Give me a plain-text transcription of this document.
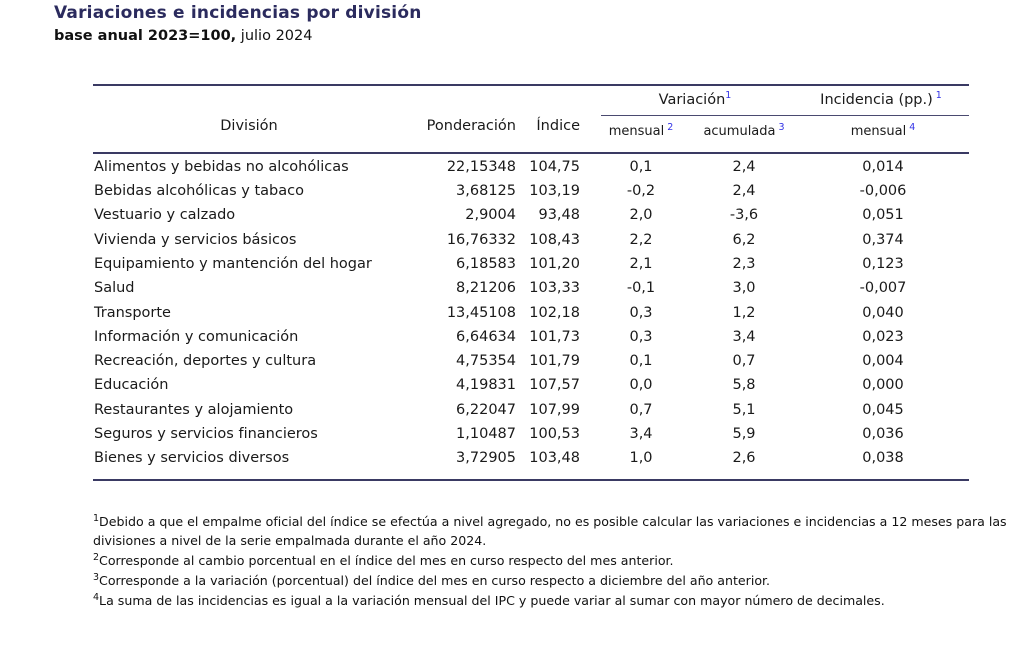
Variaciones e incidencias por división
base anual 2023=100, julio 2024
Variación$^1$	Incidencia (pp.) $^1$
División	Ponderación	Índice	mensual $^2$	acumulada $^3$	mensual $^4$
Alimentos y bebidas no alcohólicas	22,15348 104,75	0,1	2,4	0,014
Bebidas alcohólicas y tabaco	3,68125 103,19	-0,2	2,4	-0,006
Vestuario y calzado	2,9004	93,48	2,0	-3,6	0,051
Vivienda y servicios básicos	16,76332 108,43	2,2	6,2	0,374
Equipamiento y mantención del hogar	6,18583 101,20	2,1	2,3	0,123
Salud	8,21206 103,33	-0,1	3,0	-0,007
Transporte	13,45108 102,18	0,3	1,2	0,040
Información y comunicación	6,64634 101,73	0,3	3,4	0,023
Recreación, deportes y cultura	4,75354 101,79	0,1	0,7	0,004
Educación	4,19831 107,57	0,0	5,8	0,000
Restaurantes y alojamiento	6,22047 107,99	0,7	5,1	0,045
Seguros y servicios financieros	1,10487 100,53	3,4	5,9	0,036
Bienes y servicios diversos	3,72905 103,48	1,0	2,6	0,038
$^1$Debido a que el empalme oficial del índice se efectúa a nivel agregado, no es posible calcular las variaciones e incidencias a 12 meses para las divisiones a nivel de la serie empalmada durante el año 2024.
$^2$Corresponde al cambio porcentual en el índice del mes en curso respecto del mes anterior.
$^3$Corresponde a la variación (porcentual) del índice del mes en curso respecto a diciembre del año anterior.
$^4$La suma de las incidencias es igual a la variación mensual del IPC y puede variar al sumar con mayor número de decimales.
